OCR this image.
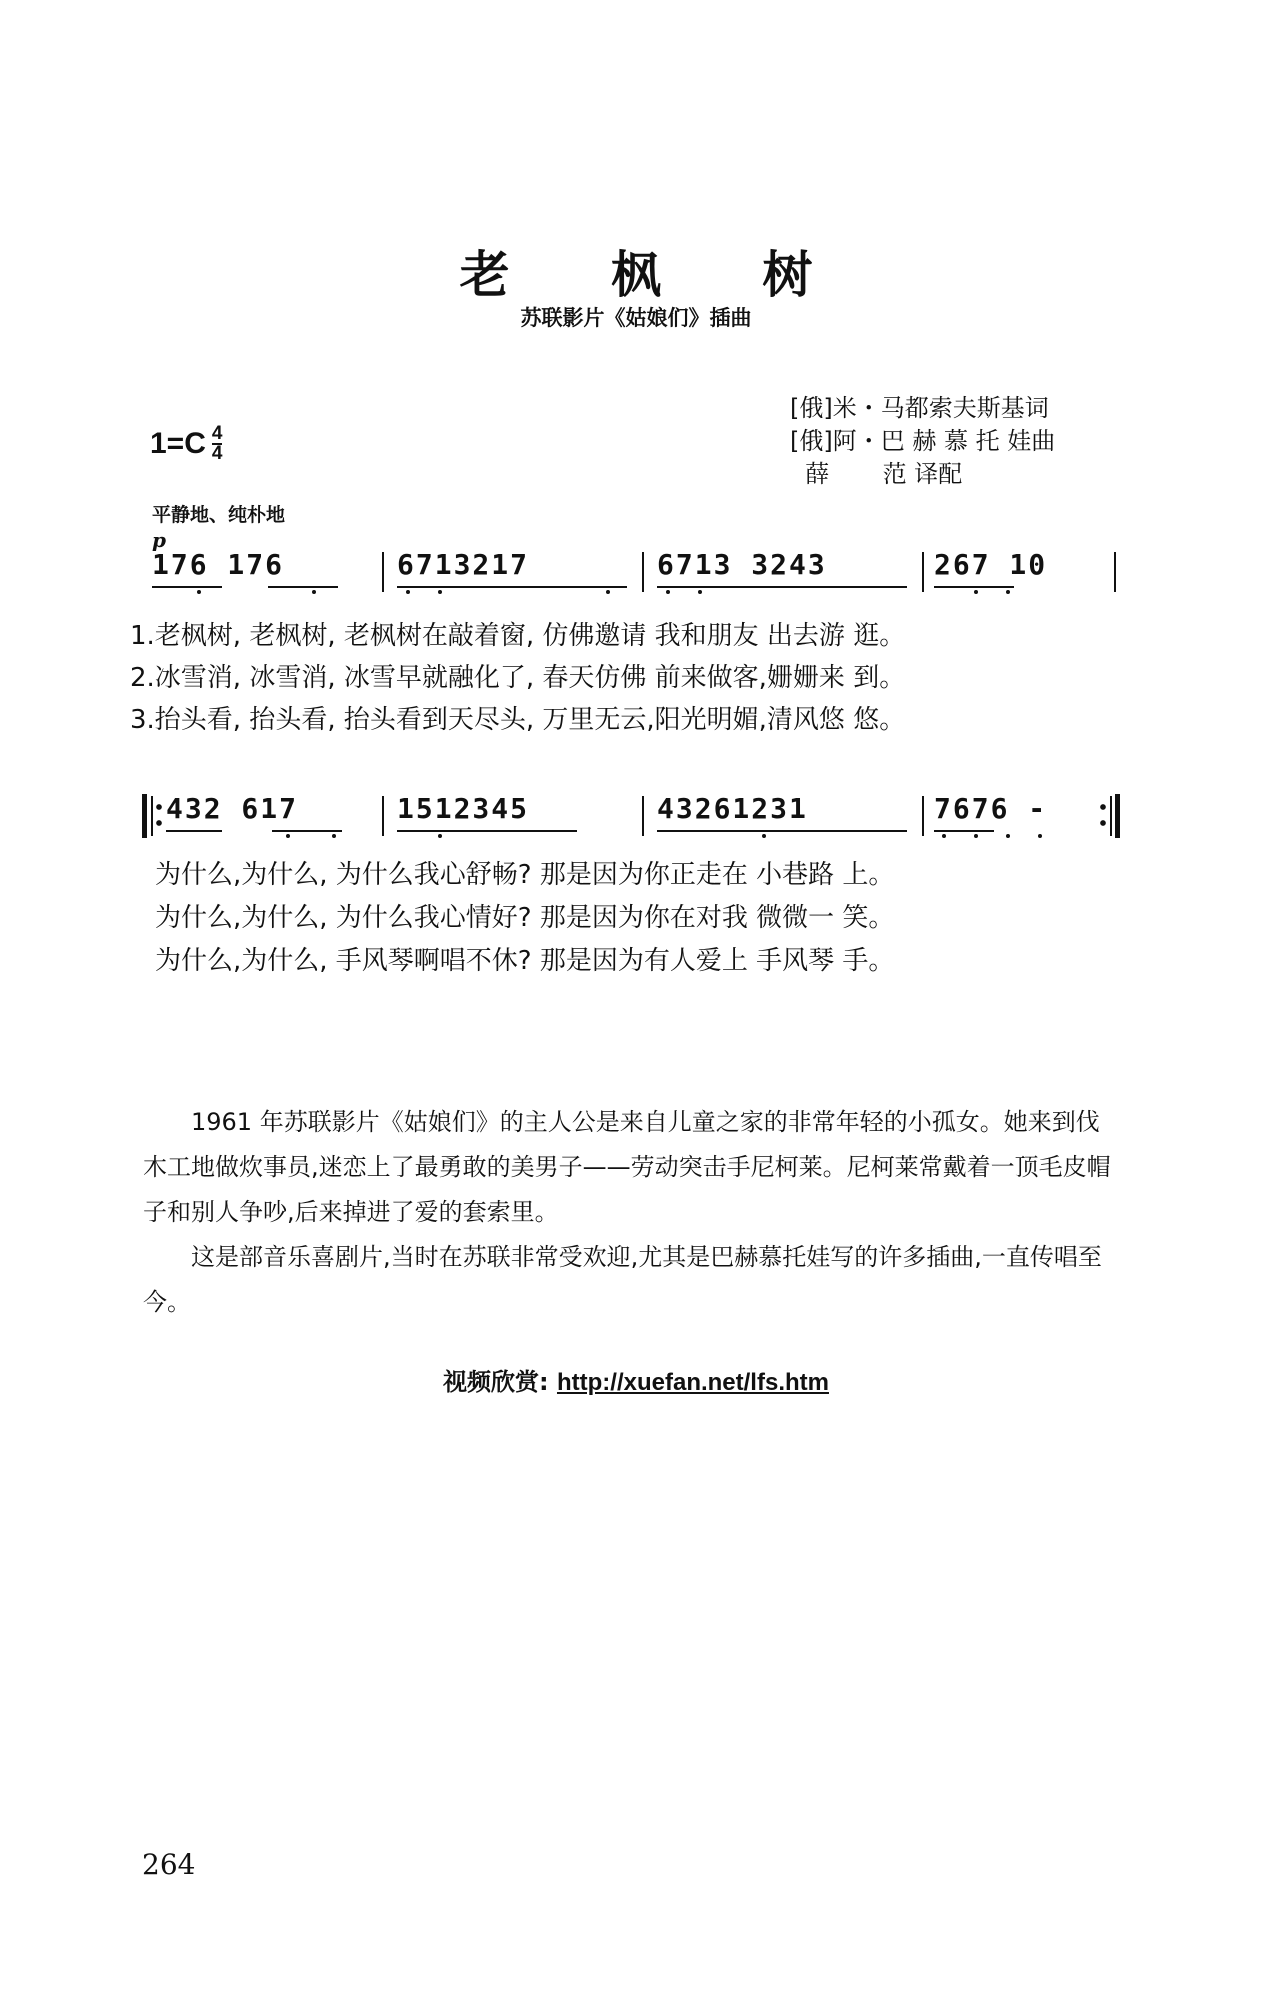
老 枫 树
苏联影片《姑娘们》插曲
[俄]米・马都索夫斯基词
[俄]阿・巴 赫 慕 托 娃曲
薛       范 译配
$1=C \frac{4}{4}$
平静地、纯朴地
p
176 176	6713217	6713 3243	267 10
1.老枫树, 老枫树, 老枫树在敲着窗, 仿佛邀请 我和朋友 出去游 逛。
2.冰雪消, 冰雪消, 冰雪早就融化了, 春天仿佛 前来做客,姗姗来 到。
3.抬头看, 抬头看, 抬头看到天尽头, 万里无云,阳光明媚,清风悠 悠。
432 617	1512345	43261231	7676 -
为什么,为什么, 为什么我心舒畅? 那是因为你正走在 小巷路 上。
为什么,为什么, 为什么我心情好? 那是因为你在对我 微微一 笑。
为什么,为什么, 手风琴啊唱不休? 那是因为有人爱上 手风琴 手。

1961 年苏联影片《姑娘们》的主人公是来自儿童之家的非常年轻的小孤女。她来到伐木工地做炊事员,迷恋上了最勇敢的美男子——劳动突击手尼柯莱。尼柯莱常戴着一顶毛皮帽子和别人争吵,后来掉进了爱的套索里。

这是部音乐喜剧片,当时在苏联非常受欢迎,尤其是巴赫慕托娃写的许多插曲,一直传唱至今。

视频欣赏: http://xuefan.net/lfs.htm
264
